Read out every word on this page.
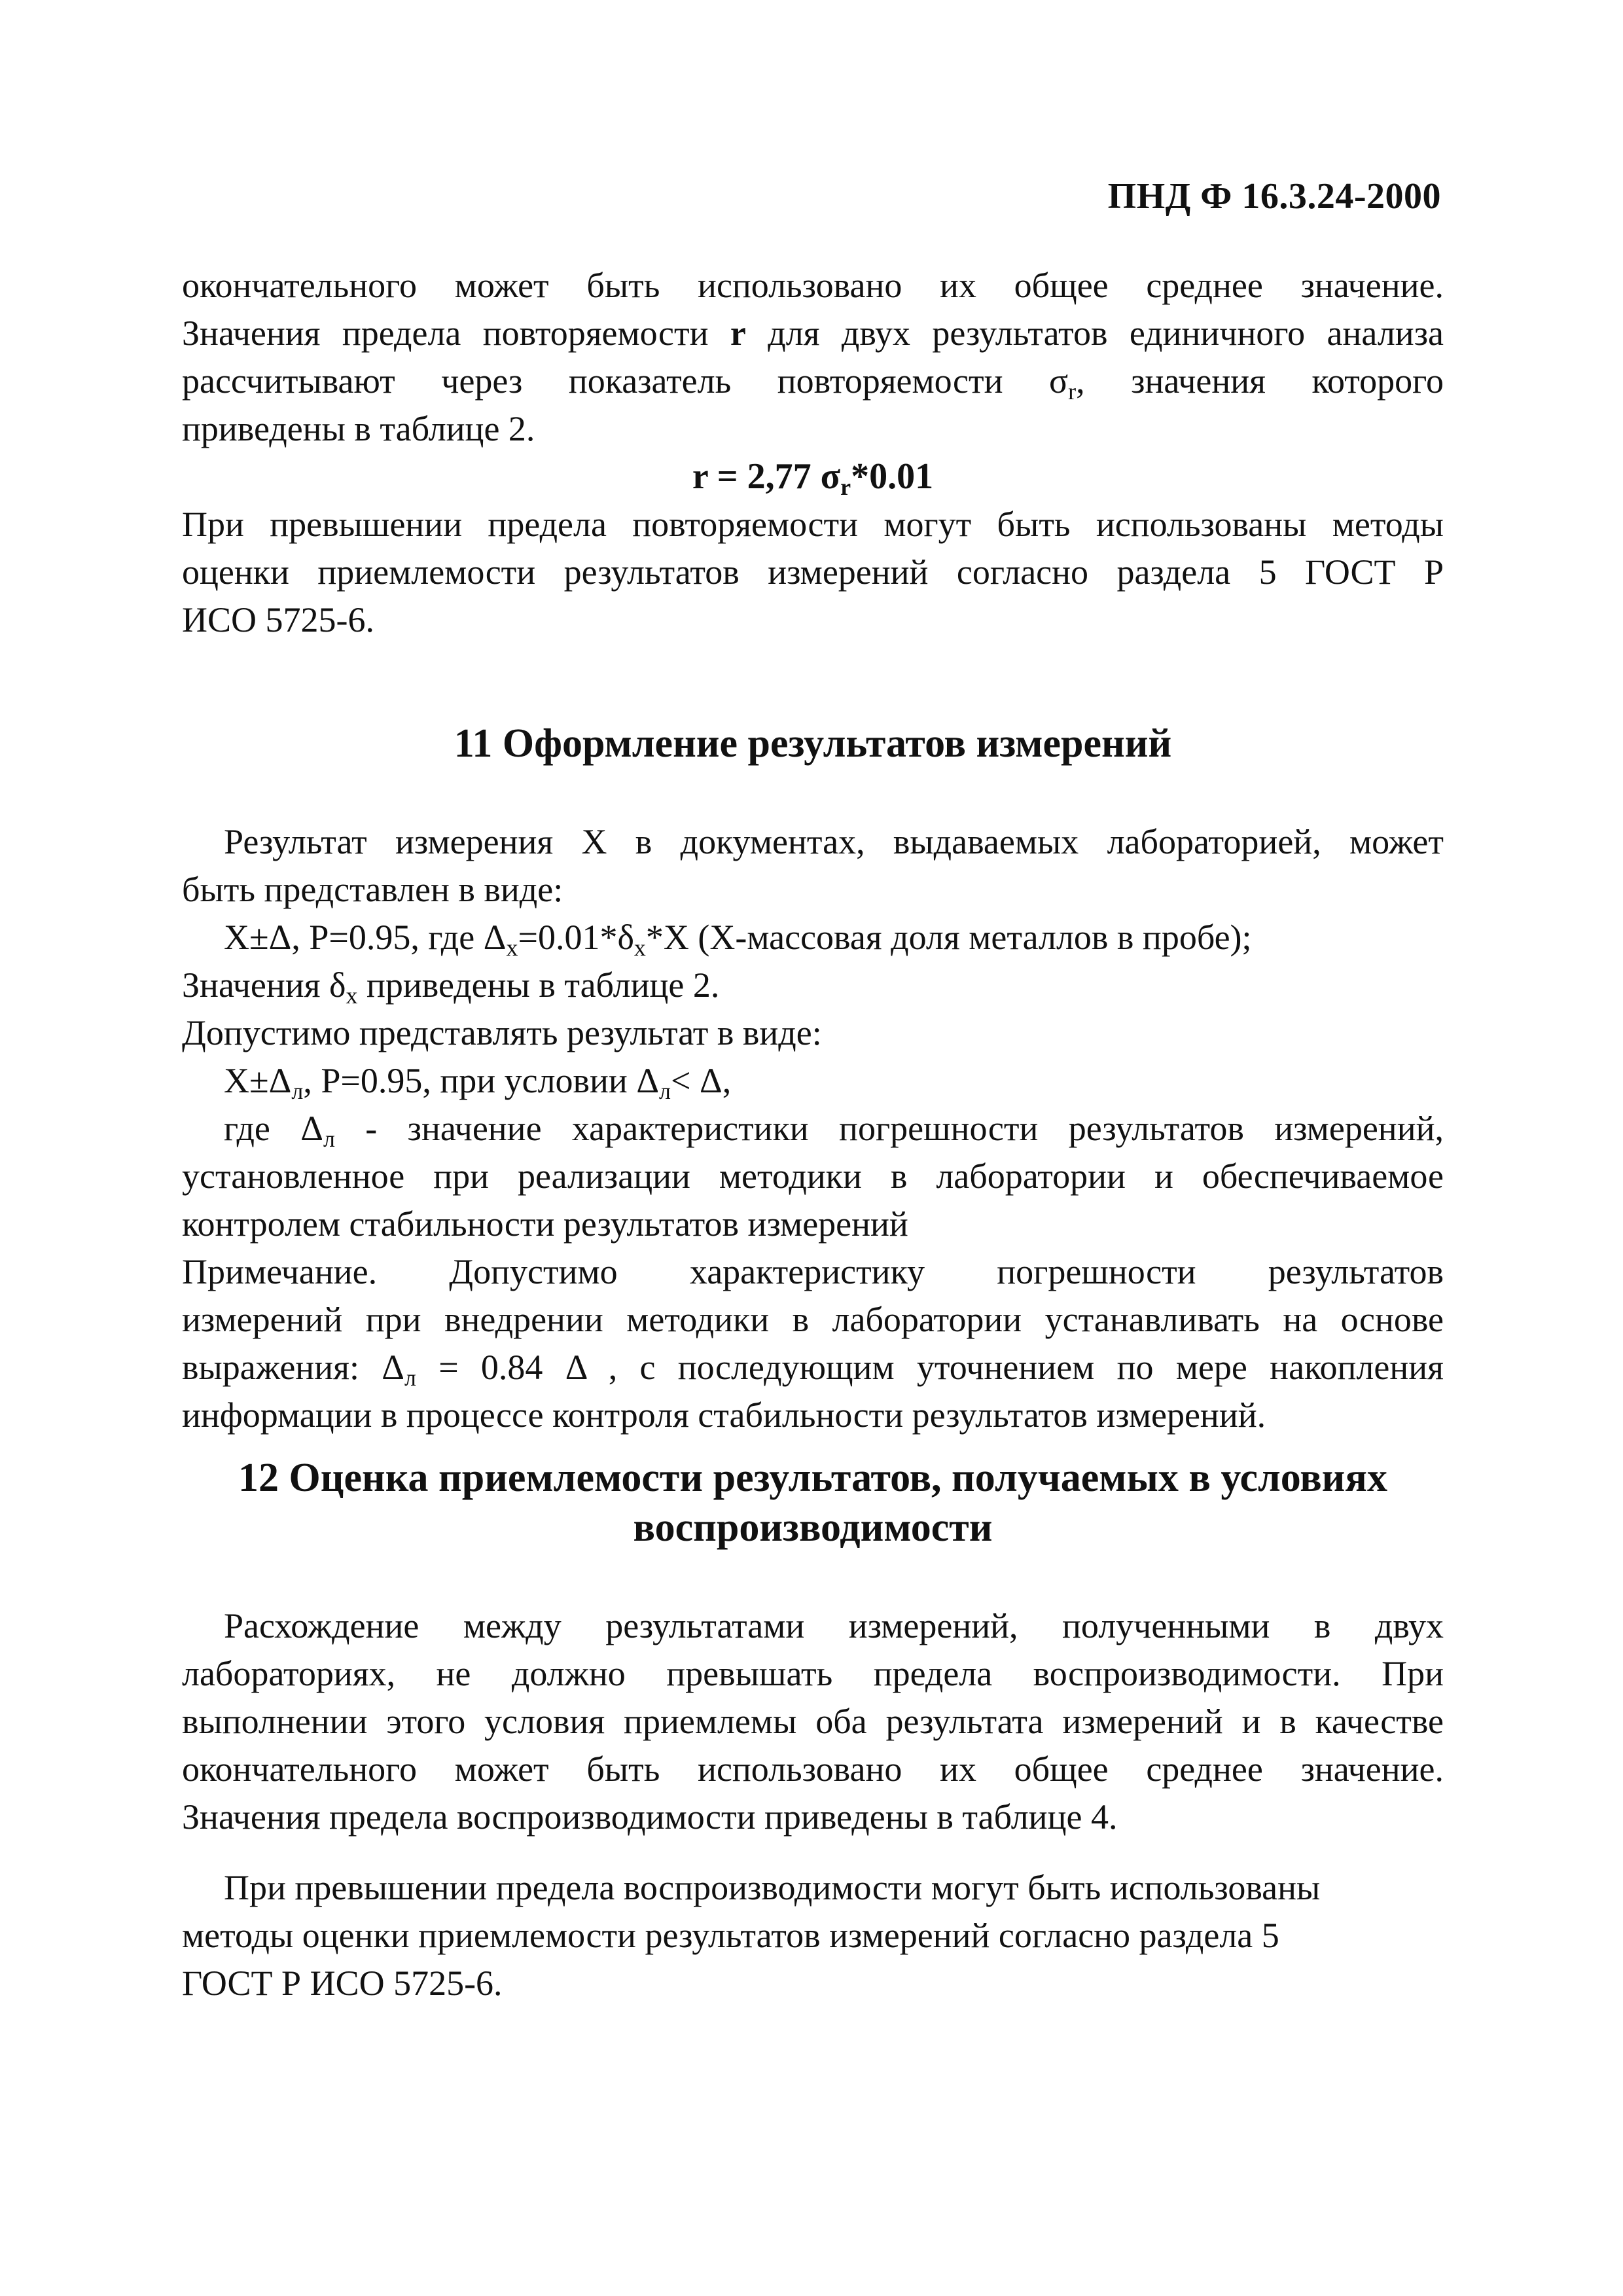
ПНД Ф 16.3.24-2000
окончательного может быть использовано их общее среднее значение.
Значения предела повторяемости r для двух результатов единичного анализа
рассчитывают через показатель повторяемости $\sigma_r$, значения которого
приведены в таблице 2.
r = 2,77 $\sigma_r*0.01$
При превышении предела повторяемости могут быть использованы методы
оценки приемлемости результатов измерений согласно раздела 5 ГОСТ Р
ИСО 5725-6.
11 Оформление результатов измерений
Результат измерения Х в документах, выдаваемых лабораторией, может
быть представлен в виде:
Х±Δ, Р=0.95, где $\Delta_х=0.01*\delta_х*Х$ (Х-массовая доля металлов в пробе);
Значения $\delta_х$ приведены в таблице 2.
Допустимо представлять результат в виде:
$Х\pm\Delta_л$, Р=0.95, при условии $\Delta_л< \Delta$,
где $\Delta_л$ - значение характеристики погрешности результатов измерений,
установленное при реализации методики в лаборатории и обеспечиваемое
контролем стабильности результатов измерений
Примечание. Допустимо характеристику погрешности результатов
измерений при внедрении методики в лаборатории устанавливать на основе
выражения: $\Delta_л = 0.84$ Δ , с последующим уточнением по мере накопления
информации в процессе контроля стабильности результатов измерений.
12 Оценка приемлемости результатов, получаемых в условиях
воспроизводимости
Расхождение между результатами измерений, полученными в двух
лабораториях, не должно превышать предела воспроизводимости. При
выполнении этого условия приемлемы оба результата измерений и в качестве
окончательного может быть использовано их общее среднее значение.
Значения предела воспроизводимости приведены в таблице 4.
При превышении предела воспроизводимости могут быть использованы
методы оценки приемлемости результатов измерений согласно раздела 5
ГОСТ Р ИСО 5725-6.
